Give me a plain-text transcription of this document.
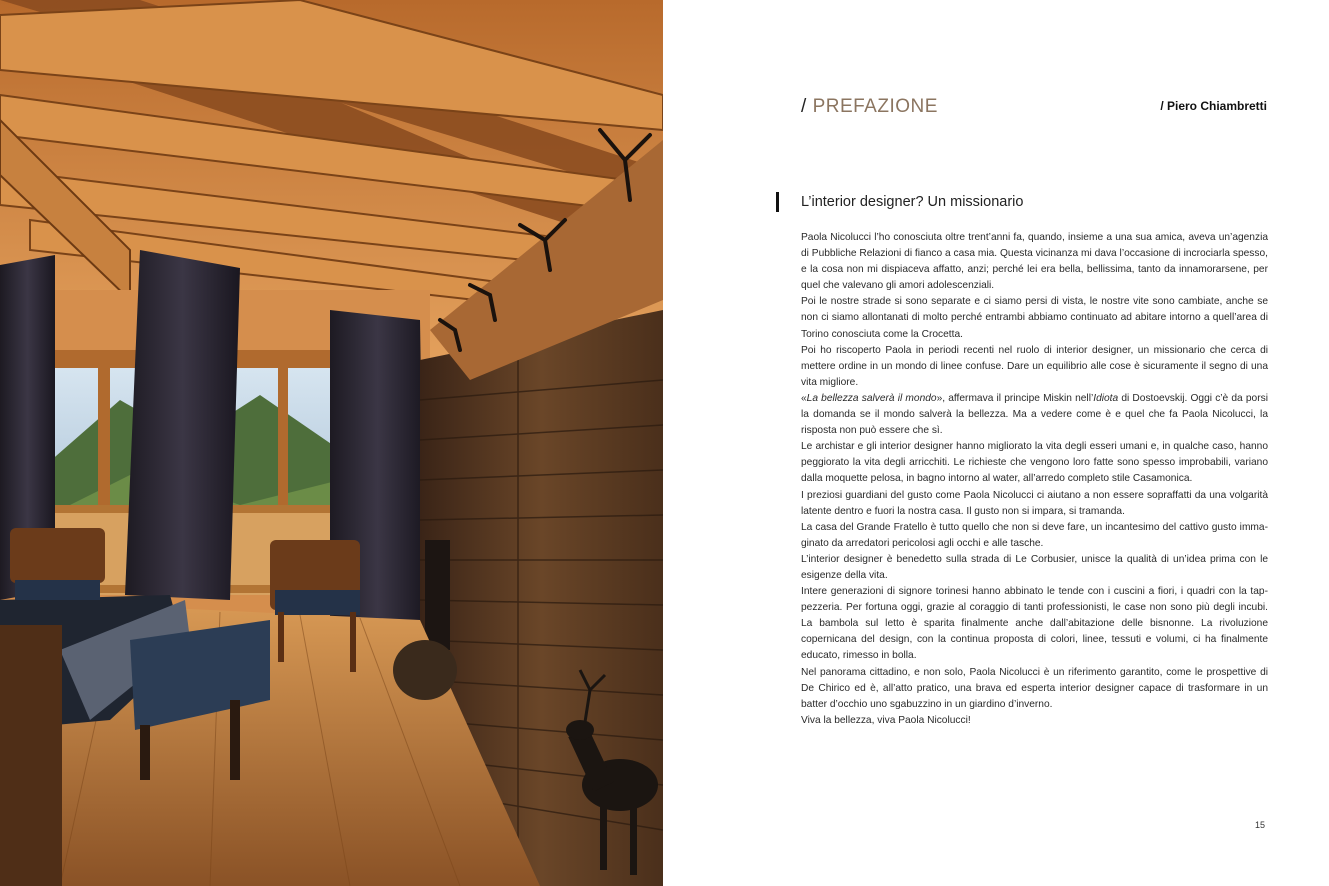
/ PREFAZIONE	/ Piero Chiambretti
L’interior designer? Un missionario

Paola Nicolucci l’ho conosciuta oltre trent’anni fa, quando, insieme a una sua amica, aveva un’agenzia di Pubbliche Relazioni di fianco a casa mia. Questa vicinanza mi dava l’occasione di incrociarla spesso, e la cosa non mi dispiaceva affatto, anzi; perché lei era bella, bellissima, tanto da innamorarsene, per quel che valevano gli amori adolescenziali.

Poi le nostre strade si sono separate e ci siamo persi di vista, le nostre vite sono cambiate, anche se non ci siamo allontanati di molto perché entrambi abbiamo continuato ad abitare intorno a quell’area di Torino conosciuta come la Crocetta.

Poi ho riscoperto Paola in periodi recenti nel ruolo di interior designer, un missionario che cerca di mettere ordine in un mondo di linee confuse. Dare un equilibrio alle cose è sicuramente il segno di una vita migliore.

«La bellezza salverà il mondo», affermava il principe Miskin nell’Idiota di Dostoevskij. Oggi c’è da porsi la domanda se il mondo salverà la bellezza. Ma a vedere come è e quel che fa Paola Nicolucci, la risposta non può essere che sì.

Le archistar e gli interior designer hanno migliorato la vita degli esseri umani e, in qualche caso, hanno peggiorato la vita degli arricchiti. Le richieste che vengono loro fatte sono spesso improbabili, variano dalla moquette pelosa, in bagno intorno al water, all’arredo completo stile Casamonica.

I preziosi guardiani del gusto come Paola Nicolucci ci aiutano a non essere sopraffatti da una volgarità latente dentro e fuori la nostra casa. Il gusto non si impara, si tramanda.

La casa del Grande Fratello è tutto quello che non si deve fare, un incantesimo del cattivo gusto immaginato da arredatori pericolosi agli occhi e alle tasche.

L’interior designer è benedetto sulla strada di Le Corbusier, unisce la qualità di un’idea prima con le esigenze della vita.

Intere generazioni di signore torinesi hanno abbinato le tende con i cuscini a fiori, i quadri con la tappezzeria. Per fortuna oggi, grazie al coraggio di tanti professionisti, le case non sono più degli incubi. La bambola sul letto è sparita finalmente anche dall’abitazione delle bisnonne. La rivoluzione copernicana del design, con la continua proposta di colori, linee, tessuti e volumi, ci ha finalmente educato, rimesso in bolla.

Nel panorama cittadino, e non solo, Paola Nicolucci è un riferimento garantito, come le prospettive di De Chirico ed è, all’atto pratico, una brava ed esperta interior designer capace di trasformare in un batter d’occhio uno sgabuzzino in un giardino d’inverno.

Viva la bellezza, viva Paola Nicolucci!

15
